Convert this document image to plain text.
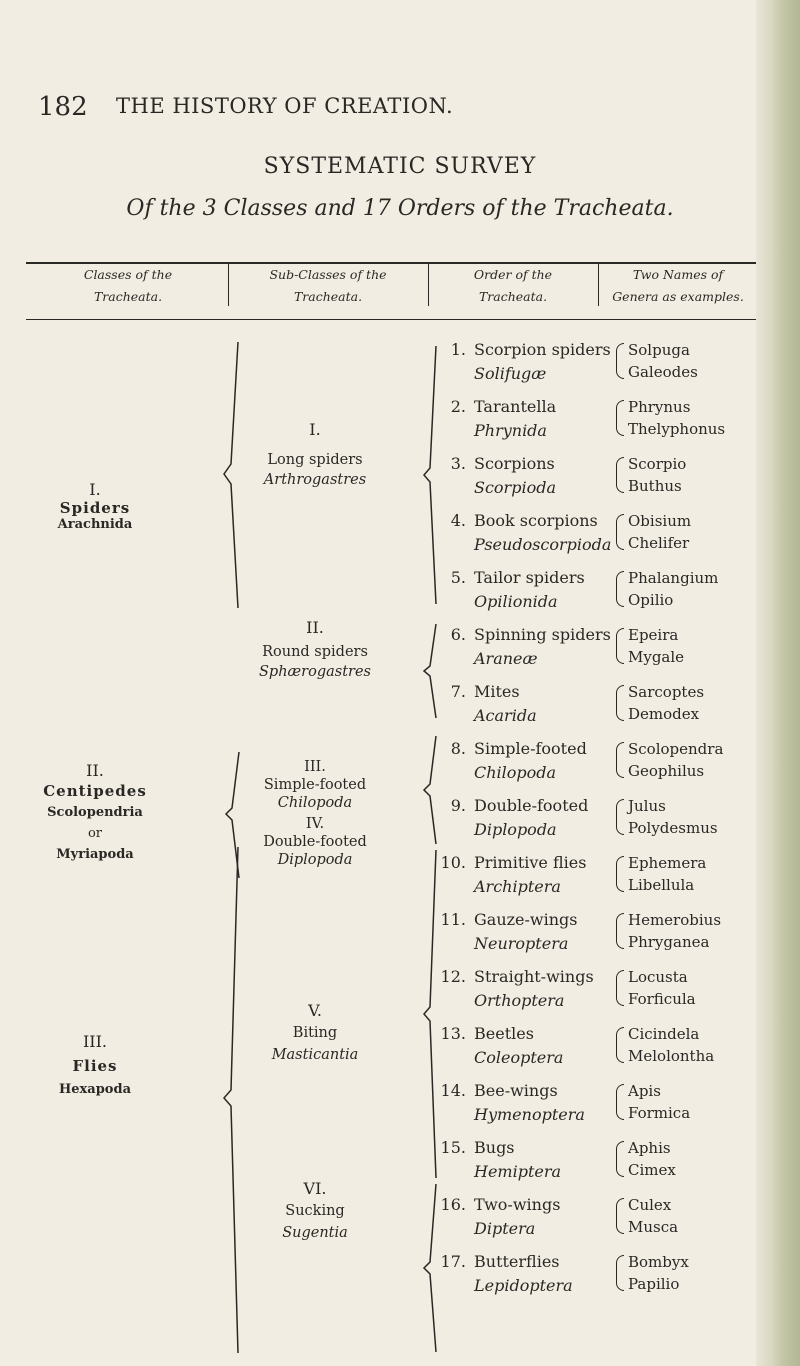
182 THE HISTORY OF CREATION.
SYSTEMATIC SURVEY
Of the 3 Classes and 17 Orders of the Tracheata.
Classes of the
Tracheata.
Sub-Classes of the
Tracheata.
Order of the
Tracheata.
Two Names of
Genera as examples.
I.
Spiders
Arachnida
II.
Centipedes
Scolopendria
or
Myriapoda
III.
Flies
Hexapoda
I.
Long spiders
Arthrogastres
II.
Round spiders
Sphærogastres
III.
Simple-footed
Chilopoda
IV.
Double-footed
Diplopoda
V.
Biting
Masticantia
VI.
Sucking
Sugentia
1. Scorpion spiders
Solifugæ
Solpuga
Galeodes
2. Tarantella
Phrynida
Phrynus
Thelyphonus
3. Scorpions
Scorpioda
Scorpio
Buthus
4. Book scorpions
Pseudoscorpioda
Obisium
Chelifer
5. Tailor spiders
Opilionida
Phalangium
Opilio
6. Spinning spiders
Araneæ
Epeira
Mygale
7. Mites
Acarida
Sarcoptes
Demodex
8. Simple-footed
Chilopoda
Scolopendra
Geophilus
9. Double-footed
Diplopoda
Julus
Polydesmus
10. Primitive flies
Archiptera
Ephemera
Libellula
11. Gauze-wings
Neuroptera
Hemerobius
Phryganea
12. Straight-wings
Orthoptera
Locusta
Forficula
13. Beetles
Coleoptera
Cicindela
Melolontha
14. Bee-wings
Hymenoptera
Apis
Formica
15. Bugs
Hemiptera
Aphis
Cimex
16. Two-wings
Diptera
Culex
Musca
17. Butterflies
Lepidoptera
Bombyx
Papilio
